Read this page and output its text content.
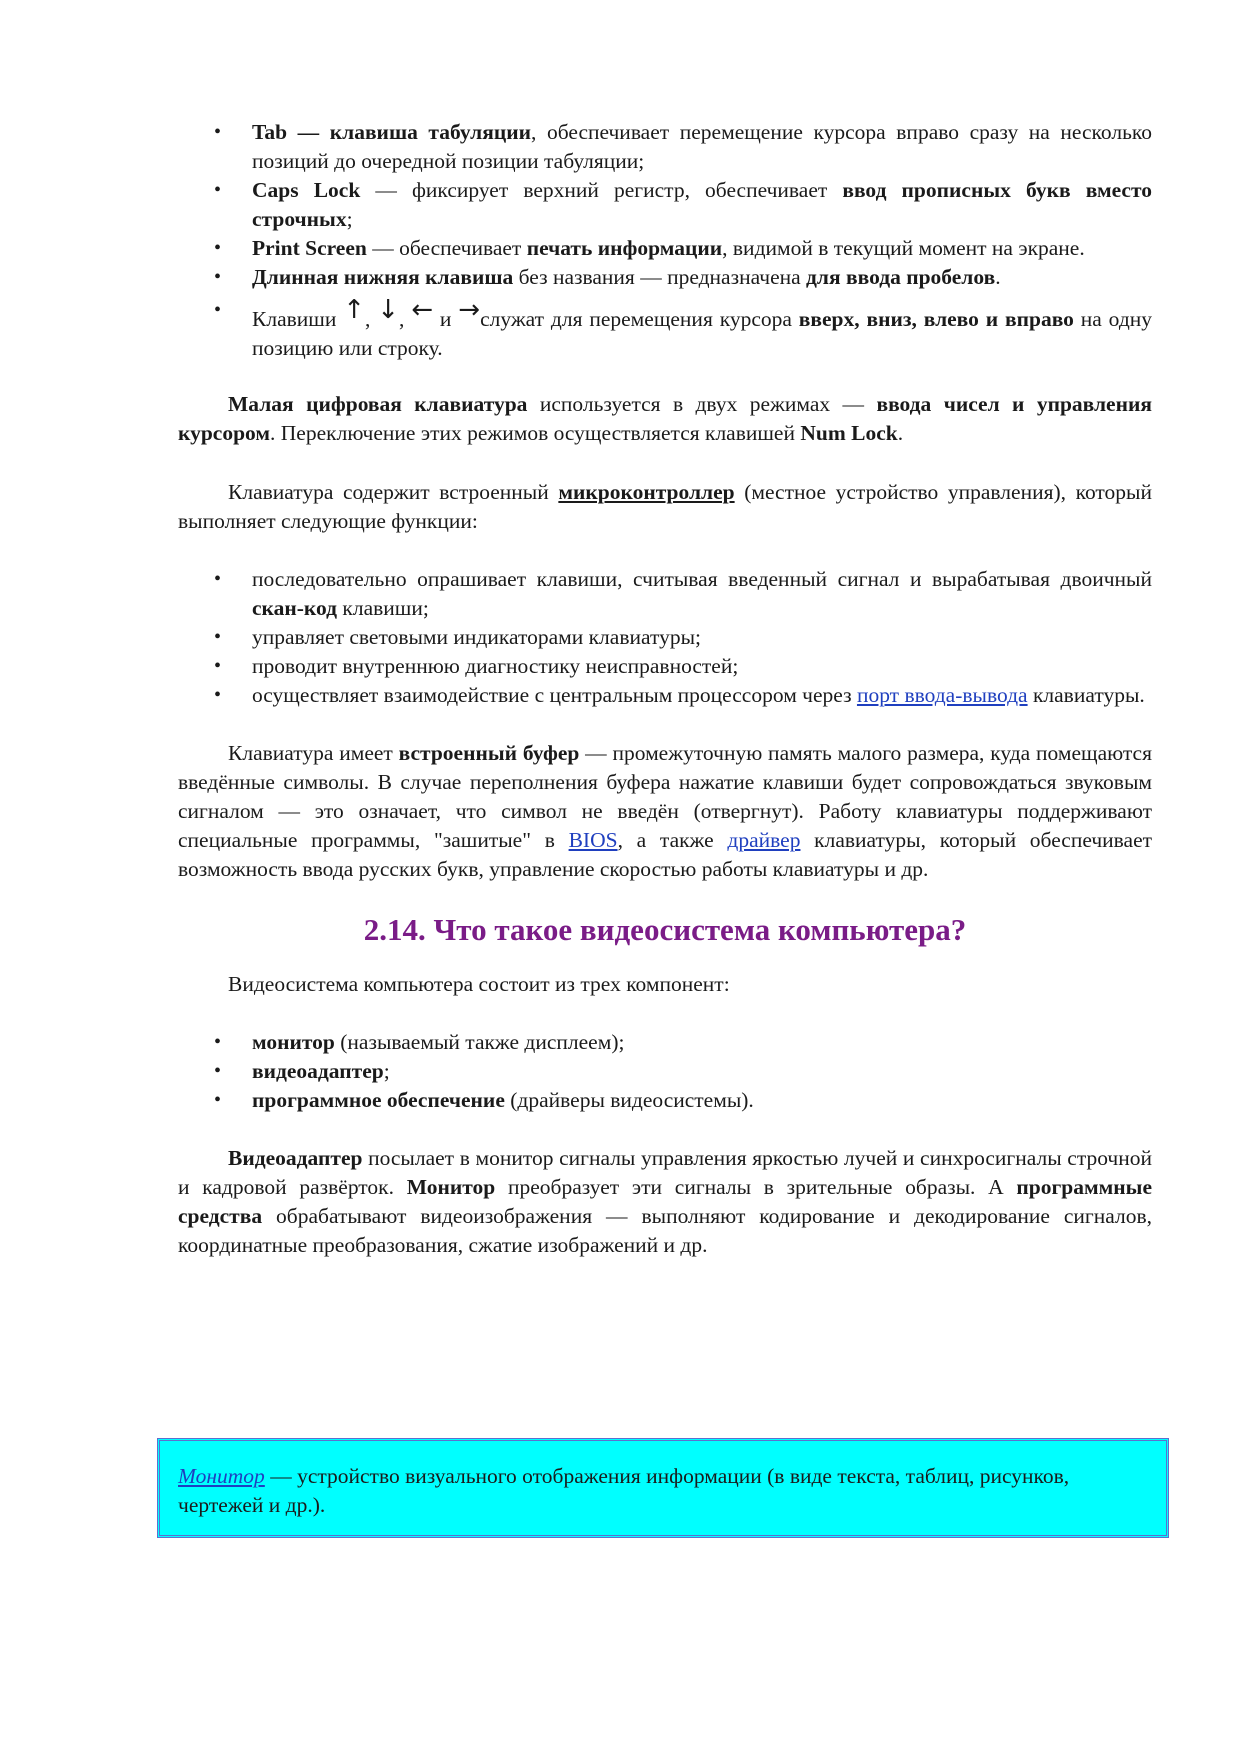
• Tab — клавиша табуляции, обеспечивает перемещение курсора вправо сразу на несколько позиций до очередной позиции табуляции;
• Caps Lock — фиксирует верхний регистр, обеспечивает ввод прописных букв вместо строчных;
• Print Screen — обеспечивает печать информации, видимой в текущий момент на экране.
• Длинная нижняя клавиша без названия — предназначена для ввода пробелов.
• Клавиши ↑, ↓, ← и →служат для перемещения курсора вверх, вниз, влево и вправо на одну позицию или строку.

Малая цифровая клавиатура используется в двух режимах — ввода чисел и управления курсором. Переключение этих режимов осуществляется клавишей Num Lock.

Клавиатура содержит встроенный микроконтроллер (местное устройство управления), который выполняет следующие функции:

• последовательно опрашивает клавиши, считывая введенный сигнал и вырабатывая двоичный скан-код клавиши;
• управляет световыми индикаторами клавиатуры;
• проводит внутреннюю диагностику неисправностей;
• осуществляет взаимодействие с центральным процессором через порт ввода-вывода клавиатуры.

Клавиатура имеет встроенный буфер — промежуточную память малого размера, куда помещаются введённые символы. В случае переполнения буфера нажатие клавиши будет сопровождаться звуковым сигналом — это означает, что символ не введён (отвергнут). Работу клавиатуры поддерживают специальные программы, "зашитые" в BIOS, а также драйвер клавиатуры, который обеспечивает возможность ввода русских букв, управление скоростью работы клавиатуры и др.

2.14. Что такое видеосистема компьютера?

Видеосистема компьютера состоит из трех компонент:

• монитор (называемый также дисплеем);
• видеоадаптер;
• программное обеспечение (драйверы видеосистемы).

Видеоадаптер посылает в монитор сигналы управления яркостью лучей и синхросигналы строчной и кадровой развёрток. Монитор преобразует эти сигналы в зрительные образы. А программные средства обрабатывают видеоизображения — выполняют кодирование и декодирование сигналов, координатные преобразования, сжатие изображений и др.

Монитор — устройство визуального отображения информации (в виде текста, таблиц, рисунков, чертежей и др.).
